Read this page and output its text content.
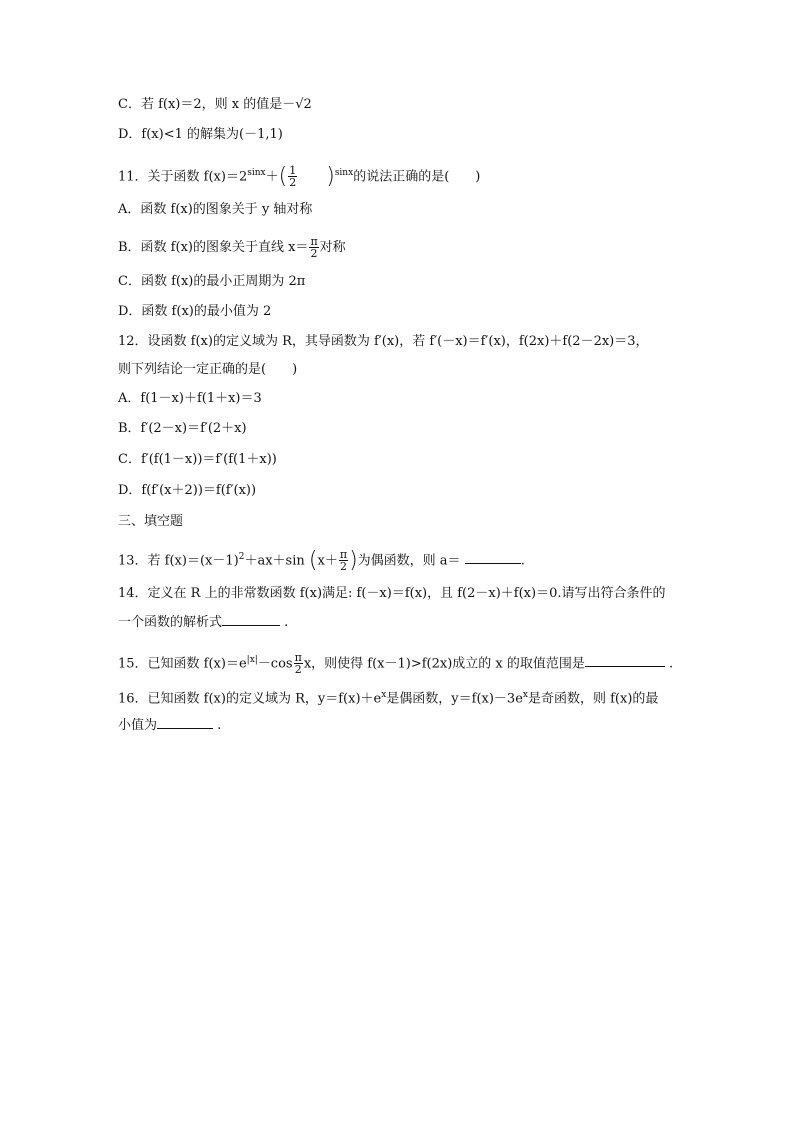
C．若 f(x)＝2，则 x 的值是－√2
D．f(x)<1 的解集为(－1,1)
11．关于函数 $f(x)=2^{sinx}+( \frac{1}{2} )^{sinx}$的说法正确的是(　　)
A．函数 f(x)的图象关于 y 轴对称
B．函数 f(x)的图象关于直线 $x= \frac{\pi}{2}$ 对称
C．函数 f(x)的最小正周期为 2π
D．函数 f(x)的最小值为 2
12．设函数 f(x)的定义域为 R，其导函数为 f′(x)，若 f′(－x)＝f′(x)，f(2x)＋f(2－2x)＝3，
则下列结论一定正确的是(　　)
A．f(1－x)＋f(1＋x)＝3
B．f′(2－x)＝f′(2＋x)
C．f′(f(1－x))＝f′(f(1＋x))
D．f(f′(x＋2))＝f(f′(x))
三、填空题
13．若 $f(x)=(x-1)^2+ax+\sin$ ($x+ \frac{\pi}{2}$ )为偶函数，则 a＝	.
14．定义在 R 上的非常数函数 f(x)满足: f(－x)＝f(x)，且 f(2－x)＋f(x)＝0.请写出符合条件的
一个函数的解析式	.
15．已知函数 $f(x)=e^{|x|}-\cos \frac{\pi}{2}$ x，则使得 f(x－1)>f(2x)成立的 x 的取值范围是	.
16．已知函数 f(x)的定义域为 R，$y=f(x)+e^x$是偶函数，$y=f(x)-3e^x$是奇函数，则 f(x)的最
小值为	.
